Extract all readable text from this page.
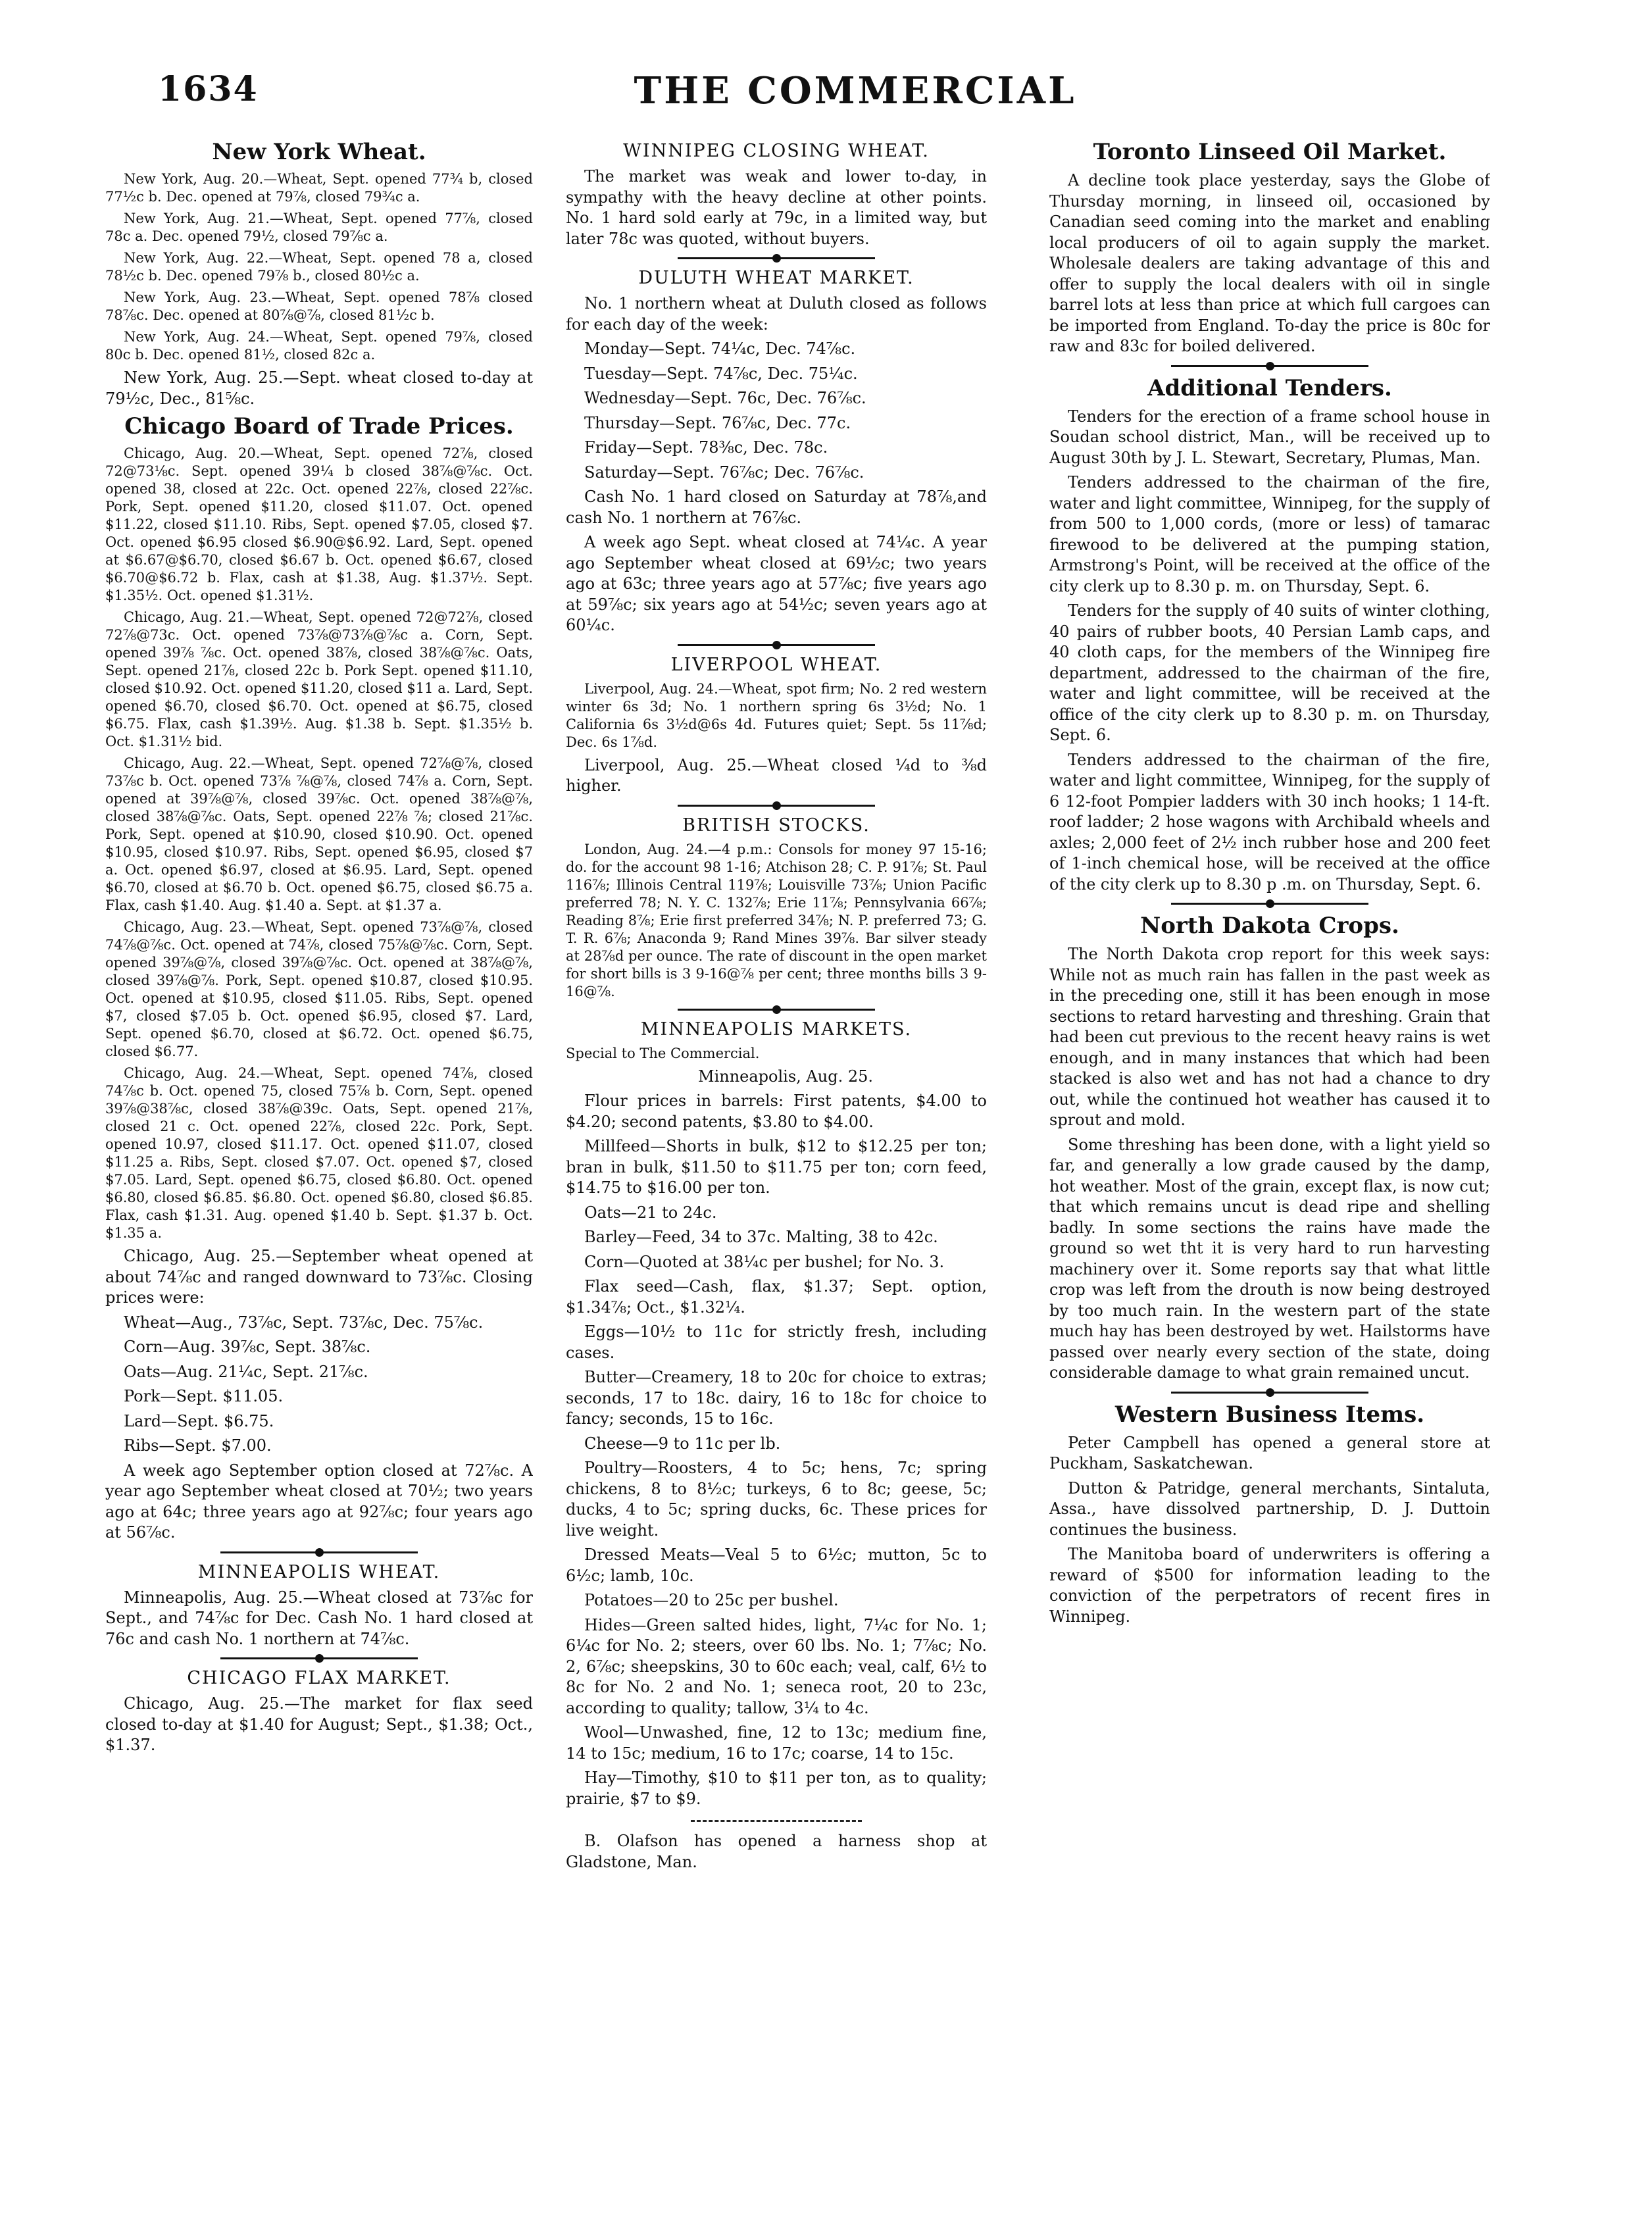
1634	THE COMMERCIAL
New York Wheat.

New York, Aug. 20.—Wheat, Sept. opened 77¾ b, closed 77½c b. Dec. opened at 79⅞, closed 79¾c a.

New York, Aug. 21.—Wheat, Sept. opened 77⅞, closed 78c a. Dec. opened 79½, closed 79⅞c a.

New York, Aug. 22.—Wheat, Sept. opened 78 a, closed 78½c b. Dec. opened 79⅞ b., closed 80½c a.

New York, Aug. 23.—Wheat, Sept. opened 78⅞ closed 78⅞c. Dec. opened at 80⅞@⅞, closed 81½c b.

New York, Aug. 24.—Wheat, Sept. opened 79⅞, closed 80c b. Dec. opened 81½, closed 82c a.

New York, Aug. 25.—Sept. wheat closed to-day at 79½c, Dec., 81⅝c.

Chicago Board of Trade Prices.

Chicago, Aug. 20.—Wheat, Sept. opened 72⅞, closed 72@73⅛c. Sept. opened 39¼ b closed 38⅞@⅞c. Oct. opened 38, closed at 22c. Oct. opened 22⅞, closed 22⅞c. Pork, Sept. opened $11.20, closed $11.07. Oct. opened $11.22, closed $11.10. Ribs, Sept. opened $7.05, closed $7. Oct. opened $6.95 closed $6.90@$6.92. Lard, Sept. opened at $6.67@$6.70, closed $6.67 b. Oct. opened $6.67, closed $6.70@$6.72 b. Flax, cash at $1.38, Aug. $1.37½. Sept. $1.35½. Oct. opened $1.31½.

Chicago, Aug. 21.—Wheat, Sept. opened 72@72⅞, closed 72⅞@73c. Oct. opened 73⅞@73⅞@⅞c a. Corn, Sept. opened 39⅞ ⅞c. Oct. opened 38⅞, closed 38⅞@⅞c. Oats, Sept. opened 21⅞, closed 22c b. Pork Sept. opened $11.10, closed $10.92. Oct. opened $11.20, closed $11 a. Lard, Sept. opened $6.70, closed $6.70. Oct. opened at $6.75, closed $6.75. Flax, cash $1.39½. Aug. $1.38 b. Sept. $1.35½ b. Oct. $1.31½ bid.

Chicago, Aug. 22.—Wheat, Sept. opened 72⅞@⅞, closed 73⅞c b. Oct. opened 73⅞ ⅞@⅞, closed 74⅞ a. Corn, Sept. opened at 39⅞@⅞, closed 39⅞c. Oct. opened 38⅞@⅞, closed 38⅞@⅞c. Oats, Sept. opened 22⅞ ⅞; closed 21⅞c. Pork, Sept. opened at $10.90, closed $10.90. Oct. opened $10.95, closed $10.97. Ribs, Sept. opened $6.95, closed $7 a. Oct. opened $6.97, closed at $6.95. Lard, Sept. opened $6.70, closed at $6.70 b. Oct. opened $6.75, closed $6.75 a. Flax, cash $1.40. Aug. $1.40 a. Sept. at $1.37 a.

Chicago, Aug. 23.—Wheat, Sept. opened 73⅞@⅞, closed 74⅞@⅞c. Oct. opened at 74⅞, closed 75⅞@⅞c. Corn, Sept. opened 39⅞@⅞, closed 39⅞@⅞c. Oct. opened at 38⅞@⅞, closed 39⅞@⅞. Pork, Sept. opened $10.87, closed $10.95. Oct. opened at $10.95, closed $11.05. Ribs, Sept. opened $7, closed $7.05 b. Oct. opened $6.95, closed $7. Lard, Sept. opened $6.70, closed at $6.72. Oct. opened $6.75, closed $6.77.

Chicago, Aug. 24.—Wheat, Sept. opened 74⅞, closed 74⅞c b. Oct. opened 75, closed 75⅞ b. Corn, Sept. opened 39⅞@38⅞c, closed 38⅞@39c. Oats, Sept. opened 21⅞, closed 21 c. Oct. opened 22⅞, closed 22c. Pork, Sept. opened 10.97, closed $11.17. Oct. opened $11.07, closed $11.25 a. Ribs, Sept. closed $7.07. Oct. opened $7, closed $7.05. Lard, Sept. opened $6.75, closed $6.80. Oct. opened $6.80, closed $6.85. $6.80. Oct. opened $6.80, closed $6.85. Flax, cash $1.31. Aug. opened $1.40 b. Sept. $1.37 b. Oct. $1.35 a.

Chicago, Aug. 25.—September wheat opened at about 74⅞c and ranged downward to 73⅞c. Closing prices were:

Wheat—Aug., 73⅞c, Sept. 73⅞c, Dec. 75⅞c.

Corn—Aug. 39⅞c, Sept. 38⅞c.

Oats—Aug. 21¼c, Sept. 21⅞c.

Pork—Sept. $11.05.

Lard—Sept. $6.75.

Ribs—Sept. $7.00.

A week ago September option closed at 72⅞c. A year ago September wheat closed at 70½; two years ago at 64c; three years ago at 92⅞c; four years ago at 56⅞c.

MINNEAPOLIS WHEAT.

Minneapolis, Aug. 25.—Wheat closed at 73⅞c for Sept., and 74⅞c for Dec. Cash No. 1 hard closed at 76c and cash No. 1 northern at 74⅞c.

CHICAGO FLAX MARKET.

Chicago, Aug. 25.—The market for flax seed closed to-day at $1.40 for August; Sept., $1.38; Oct., $1.37.

WINNIPEG CLOSING WHEAT.

The market was weak and lower to-day, in sympathy with the heavy decline at other points. No. 1 hard sold early at 79c, in a limited way, but later 78c was quoted, without buyers.

DULUTH WHEAT MARKET.

No. 1 northern wheat at Duluth closed as follows for each day of the week:

Monday—Sept. 74¼c, Dec. 74⅞c.

Tuesday—Sept. 74⅞c, Dec. 75¼c.

Wednesday—Sept. 76c, Dec. 76⅞c.

Thursday—Sept. 76⅞c, Dec. 77c.

Friday—Sept. 78⅜c, Dec. 78c.

Saturday—Sept. 76⅞c; Dec. 76⅞c.

Cash No. 1 hard closed on Saturday at 78⅞,and cash No. 1 northern at 76⅞c.

A week ago Sept. wheat closed at 74¼c. A year ago September wheat closed at 69½c; two years ago at 63c; three years ago at 57⅞c; five years ago at 59⅞c; six years ago at 54½c; seven years ago at 60¼c.

LIVERPOOL WHEAT.

Liverpool, Aug. 24.—Wheat, spot firm; No. 2 red western winter 6s 3d; No. 1 northern spring 6s 3½d; No. 1 California 6s 3½d@6s 4d. Futures quiet; Sept. 5s 11⅞d; Dec. 6s 1⅞d.

Liverpool, Aug. 25.—Wheat closed ¼d to ⅜d higher.

BRITISH STOCKS.

London, Aug. 24.—4 p.m.: Consols for money 97 15-16; do. for the account 98 1-16; Atchison 28; C. P. 91⅞; St. Paul 116⅞; Illinois Central 119⅞; Louisville 73⅞; Union Pacific preferred 78; N. Y. C. 132⅞; Erie 11⅞; Pennsylvania 66⅞; Reading 8⅞; Erie first preferred 34⅞; N. P. preferred 73; G. T. R. 6⅞; Anaconda 9; Rand Mines 39⅞. Bar silver steady at 28⅞d per ounce. The rate of discount in the open market for short bills is 3 9-16@⅞ per cent; three months bills 3 9-16@⅞.

MINNEAPOLIS MARKETS.

Special to The Commercial.

Minneapolis, Aug. 25.

Flour prices in barrels: First patents, $4.00 to $4.20; second patents, $3.80 to $4.00.

Millfeed—Shorts in bulk, $12 to $12.25 per ton; bran in bulk, $11.50 to $11.75 per ton; corn feed, $14.75 to $16.00 per ton.

Oats—21 to 24c.

Barley—Feed, 34 to 37c. Malting, 38 to 42c.

Corn—Quoted at 38¼c per bushel; for No. 3.

Flax seed—Cash, flax, $1.37; Sept. option, $1.34⅞; Oct., $1.32¼.

Eggs—10½ to 11c for strictly fresh, including cases.

Butter—Creamery, 18 to 20c for choice to extras; seconds, 17 to 18c. dairy, 16 to 18c for choice to fancy; seconds, 15 to 16c.

Cheese—9 to 11c per lb.

Poultry—Roosters, 4 to 5c; hens, 7c; spring chickens, 8 to 8½c; turkeys, 6 to 8c; geese, 5c; ducks, 4 to 5c; spring ducks, 6c. These prices for live weight.

Dressed Meats—Veal 5 to 6½c; mutton, 5c to 6½c; lamb, 10c.

Potatoes—20 to 25c per bushel.

Hides—Green salted hides, light, 7¼c for No. 1; 6¼c for No. 2; steers, over 60 lbs. No. 1; 7⅞c; No. 2, 6⅞c; sheepskins, 30 to 60c each; veal, calf, 6½ to 8c for No. 2 and No. 1; seneca root, 20 to 23c, according to quality; tallow, 3¼ to 4c.

Wool—Unwashed, fine, 12 to 13c; medium fine, 14 to 15c; medium, 16 to 17c; coarse, 14 to 15c.

Hay—Timothy, $10 to $11 per ton, as to quality; prairie, $7 to $9.

B. Olafson has opened a harness shop at Gladstone, Man.

Toronto Linseed Oil Market.

A decline took place yesterday, says the Globe of Thursday morning, in linseed oil, occasioned by Canadian seed coming into the market and enabling local producers of oil to again supply the market. Wholesale dealers are taking advantage of this and offer to supply the local dealers with oil in single barrel lots at less than price at which full cargoes can be imported from England. To-day the price is 80c for raw and 83c for boiled delivered.

Additional Tenders.

Tenders for the erection of a frame school house in Soudan school district, Man., will be received up to August 30th by J. L. Stewart, Secretary, Plumas, Man.

Tenders addressed to the chairman of the fire, water and light committee, Winnipeg, for the supply of from 500 to 1,000 cords, (more or less) of tamarac firewood to be delivered at the pumping station, Armstrong's Point, will be received at the office of the city clerk up to 8.30 p. m. on Thursday, Sept. 6.

Tenders for the supply of 40 suits of winter clothing, 40 pairs of rubber boots, 40 Persian Lamb caps, and 40 cloth caps, for the members of the Winnipeg fire department, addressed to the chairman of the fire, water and light committee, will be received at the office of the city clerk up to 8.30 p. m. on Thursday, Sept. 6.

Tenders addressed to the chairman of the fire, water and light committee, Winnipeg, for the supply of 6 12-foot Pompier ladders with 30 inch hooks; 1 14-ft. roof ladder; 2 hose wagons with Archibald wheels and axles; 2,000 feet of 2½ inch rubber hose and 200 feet of 1-inch chemical hose, will be received at the office of the city clerk up to 8.30 p .m. on Thursday, Sept. 6.

North Dakota Crops.

The North Dakota crop report for this week says: While not as much rain has fallen in the past week as in the preceding one, still it has been enough in mose sections to retard harvesting and threshing. Grain that had been cut previous to the recent heavy rains is wet enough, and in many instances that which had been stacked is also wet and has not had a chance to dry out, while the continued hot weather has caused it to sprout and mold.

Some threshing has been done, with a light yield so far, and generally a low grade caused by the damp, hot weather. Most of the grain, except flax, is now cut; that which remains uncut is dead ripe and shelling badly. In some sections the rains have made the ground so wet tht it is very hard to run harvesting machinery over it. Some reports say that what little crop was left from the drouth is now being destroyed by too much rain. In the western part of the state much hay has been destroyed by wet. Hailstorms have passed over nearly every section of the state, doing considerable damage to what grain remained uncut.

Western Business Items.

Peter Campbell has opened a general store at Puckham, Saskatchewan.

Dutton & Patridge, general merchants, Sintaluta, Assa., have dissolved partnership, D. J. Duttoin continues the business.

The Manitoba board of underwriters is offering a reward of $500 for information leading to the conviction of the perpetrators of recent fires in Winnipeg.
